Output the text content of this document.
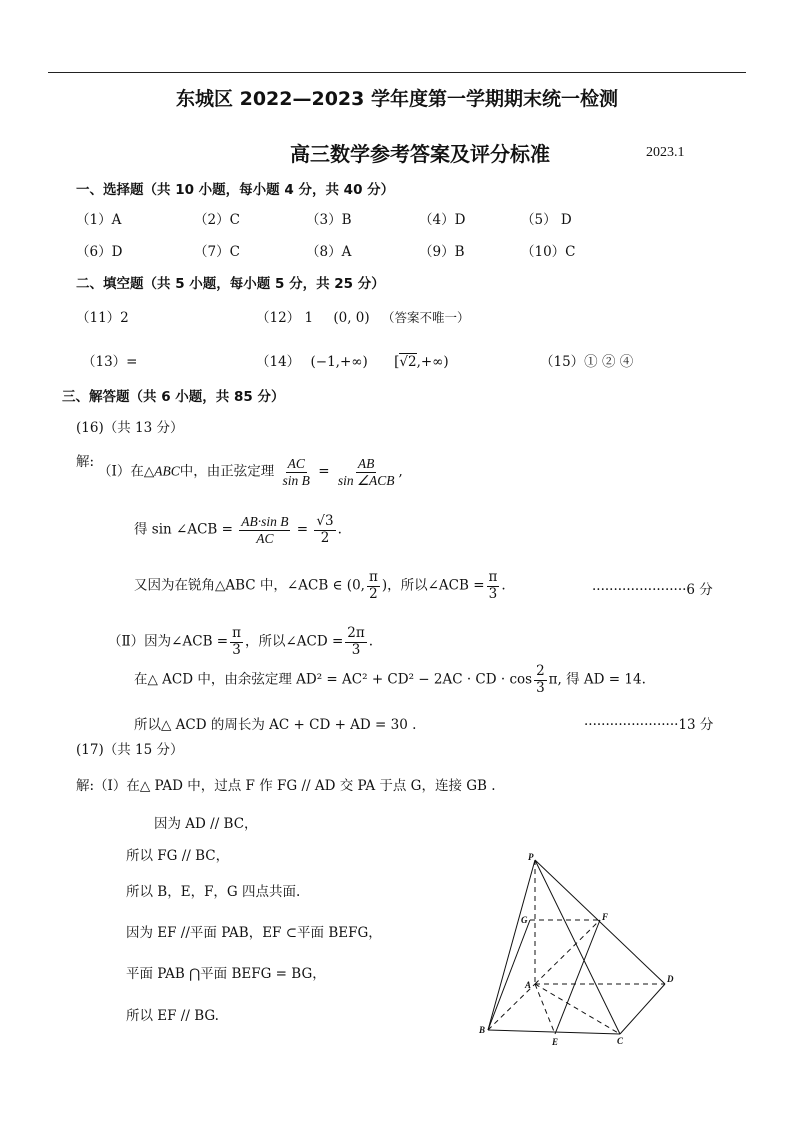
东城区 2022—2023 学年度第一学期期末统一检测
高三数学参考答案及评分标准	2023.1
一、选择题（共 10 小题，每小题 4 分，共 40 分）
（1）A	（2）C	（3）B	（4）D	（5） D
（6）D	（7）C	（8）A	（9）B	（10）C
二、填空题（共 5 小题，每小题 5 分，共 25 分）
（11）2	（12） 1 (0, 0) （答案不唯一）
（13）=	（14） (−1,+∞) [√2,+∞)	（15）① ② ④
三、解答题（共 6 小题，共 85 分）
(16)（共 13 分）
解:
（Ⅰ）在△ABC中，由正弦定理 $\frac{AC}{\text{sin B}} = \frac{AB}{\text{sin ∠ACB}}$ ,
得 sin ∠ACB = $\frac{\text{AB·sin B}}{AC} = \frac{√3}{2}$ .
又因为在锐角△ABC 中，∠ACB ∈ (0, $\frac{\pi}{2}$ )，所以∠ACB = $\frac{\pi}{3}$ .	······················6 分
（Ⅱ）因为∠ACB = $\frac{\pi}{3}$ ，所以∠ACD = $\frac{2\pi}{3}$ .
在△ ACD 中，由余弦定理 AD² = AC² + CD² − 2AC · CD · $\cos \frac{2}{3} \pi$, 得 AD = 14.
所以△ ACD 的周长为 AC + CD + AD = 30 .	······················13 分
(17)（共 15 分）
解:（Ⅰ）在△ PAD 中，过点 F 作 FG // AD 交 PA 于点 G，连接 GB .
因为 AD // BC，
所以 FG // BC，
所以 B，E，F，G 四点共面.
因为 EF //平面 PAB，EF ⊂平面 BEFG，
平面 PAB ⋂平面 BEFG = BG，
所以 EF // BG.
P
G	F
A
D
B
E	C
